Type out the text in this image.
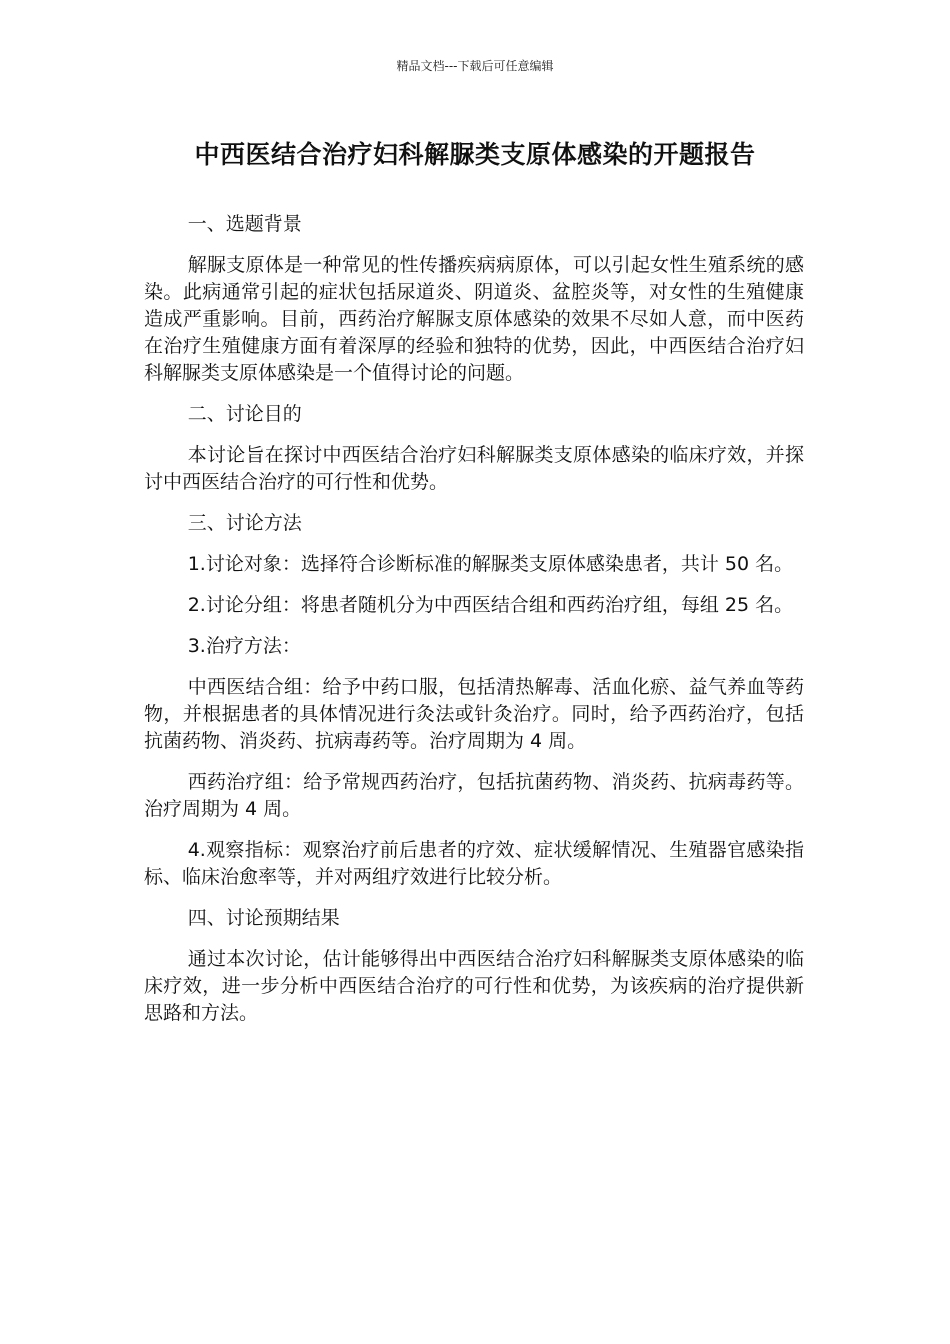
精品文档---下载后可任意编辑
中西医结合治疗妇科解脲类支原体感染的开题报告

一、选题背景

解脲支原体是一种常见的性传播疾病病原体，可以引起女性生殖系统的感染。此病通常引起的症状包括尿道炎、阴道炎、盆腔炎等，对女性的生殖健康造成严重影响。目前，西药治疗解脲支原体感染的效果不尽如人意，而中医药在治疗生殖健康方面有着深厚的经验和独特的优势，因此，中西医结合治疗妇科解脲类支原体感染是一个值得讨论的问题。

二、讨论目的

本讨论旨在探讨中西医结合治疗妇科解脲类支原体感染的临床疗效，并探讨中西医结合治疗的可行性和优势。

三、讨论方法

1.讨论对象：选择符合诊断标准的解脲类支原体感染患者，共计 50 名。

2.讨论分组：将患者随机分为中西医结合组和西药治疗组，每组 25 名。

3.治疗方法：

中西医结合组：给予中药口服，包括清热解毒、活血化瘀、益气养血等药物，并根据患者的具体情况进行灸法或针灸治疗。同时，给予西药治疗，包括抗菌药物、消炎药、抗病毒药等。治疗周期为 4 周。

西药治疗组：给予常规西药治疗，包括抗菌药物、消炎药、抗病毒药等。治疗周期为 4 周。

4.观察指标：观察治疗前后患者的疗效、症状缓解情况、生殖器官感染指标、临床治愈率等，并对两组疗效进行比较分析。

四、讨论预期结果

通过本次讨论，估计能够得出中西医结合治疗妇科解脲类支原体感染的临床疗效，进一步分析中西医结合治疗的可行性和优势，为该疾病的治疗提供新思路和方法。
